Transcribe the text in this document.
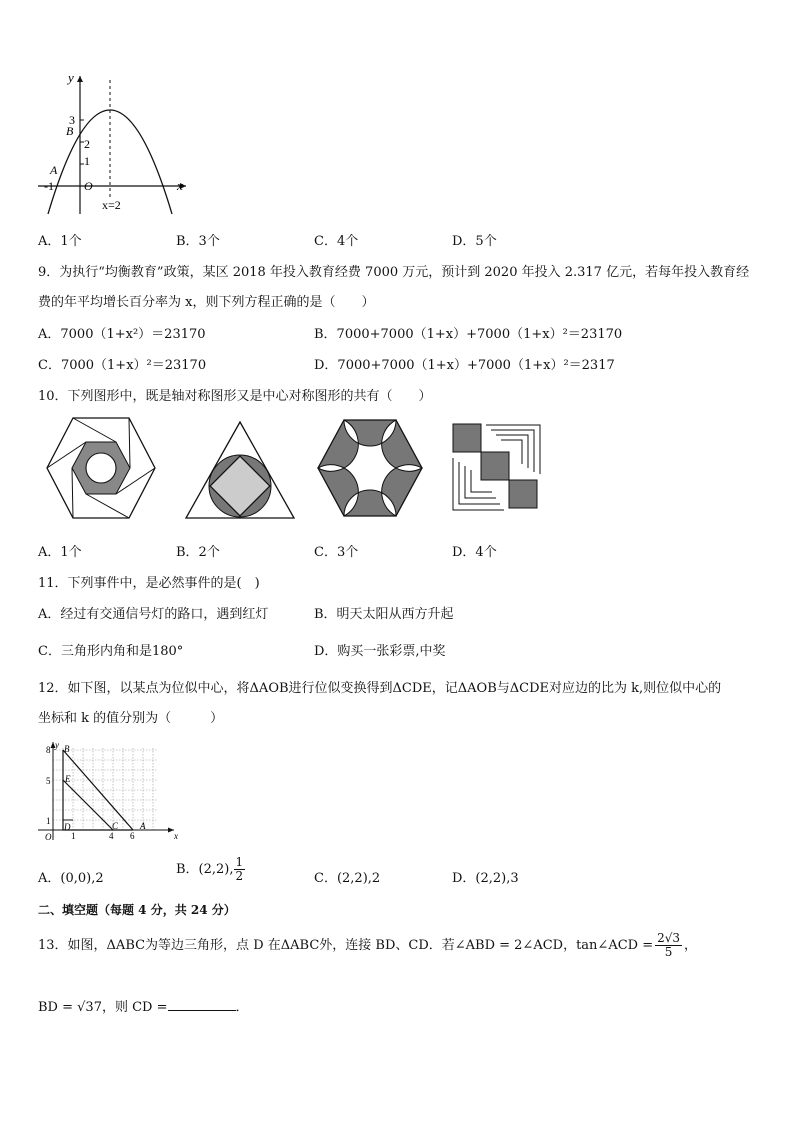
y
3
B
2
1
A
-1	O	x
x=2
A．1个	B．3个	C．4个	D．5个
9．为执行“均衡教育”政策，某区 2018 年投入教育经费 7000 万元，预计到 2020 年投入 2.317 亿元，若每年投入教育经
费的年平均增长百分率为 x，则下列方程正确的是（　　）
A．7000（1+x²）＝23170	B．7000+7000（1+x）+7000（1+x）²＝23170
C．7000（1+x）²＝23170	D．7000+7000（1+x）+7000（1+x）²＝2317
10．下列图形中，既是轴对称图形又是中心对称图形的共有（　　）
A．1个	B．2个	C．3个	D．4个
11．下列事件中，是必然事件的是(　)
A．经过有交通信号灯的路口，遇到红灯	B．明天太阳从西方升起
C．三角形内角和是180°	D．购买一张彩票,中奖
12．如下图，以某点为位似中心，将ΔAOB进行位似变换得到ΔCDE，记ΔAOB与ΔCDE对应边的比为 k,则位似中心的
坐标和 k 的值分别为（　　　）
y B
8
E
5
1
D	C A
O 1	4 6	x
A．(0,0),2
B．(2,2), $\frac{1}{2}$	C．(2,2),2	D．(2,2),3
二、填空题（每题 4 分，共 24 分）
13．如图，ΔABC为等边三角形，点 D 在ΔABC外，连接 BD、CD．若∠ABD = 2∠ACD，tan∠ACD = $\frac{2√3}{5}$ ，
BD = √37，则 CD =	．
